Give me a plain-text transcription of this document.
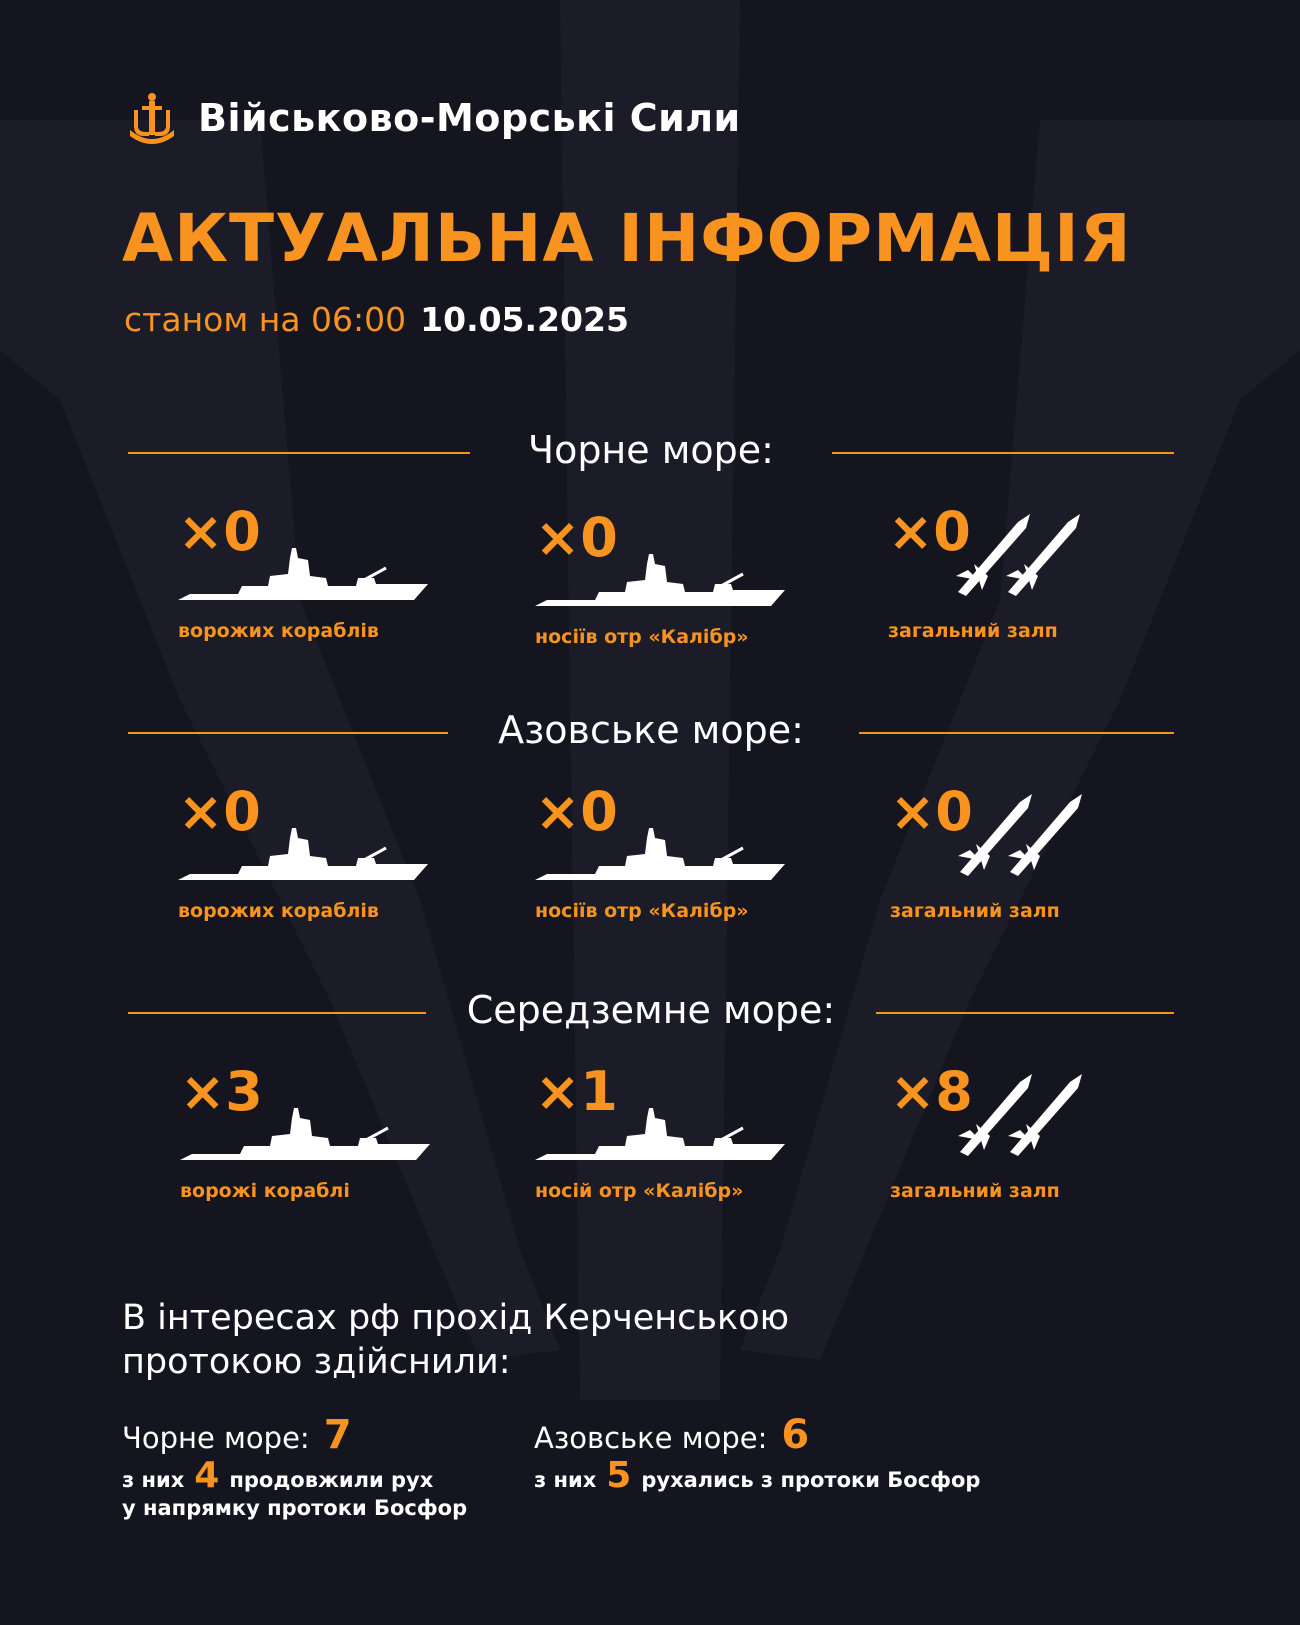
Військово-Морські Сили
АКТУАЛЬНА ІНФОРМАЦІЯ
станом на 06:00 10.05.2025
Чорне море:
Азовське море:
Середземне море:
×0
ворожих кораблів
×0
носіїв отр «Калібр»
×0
загальний залп
×0
ворожих кораблів
×0
носіїв отр «Калібр»
×0
загальний залп
×3
ворожі кораблі
×1
носій отр «Калібр»
×8
загальний залп
В інтересах рф прохід Керченською
протокою здійснили:
Чорне море: 7
з них 4 продовжили рух
у напрямку протоки Босфор
Азовське море: 6
з них 5 рухались з протоки Босфор
